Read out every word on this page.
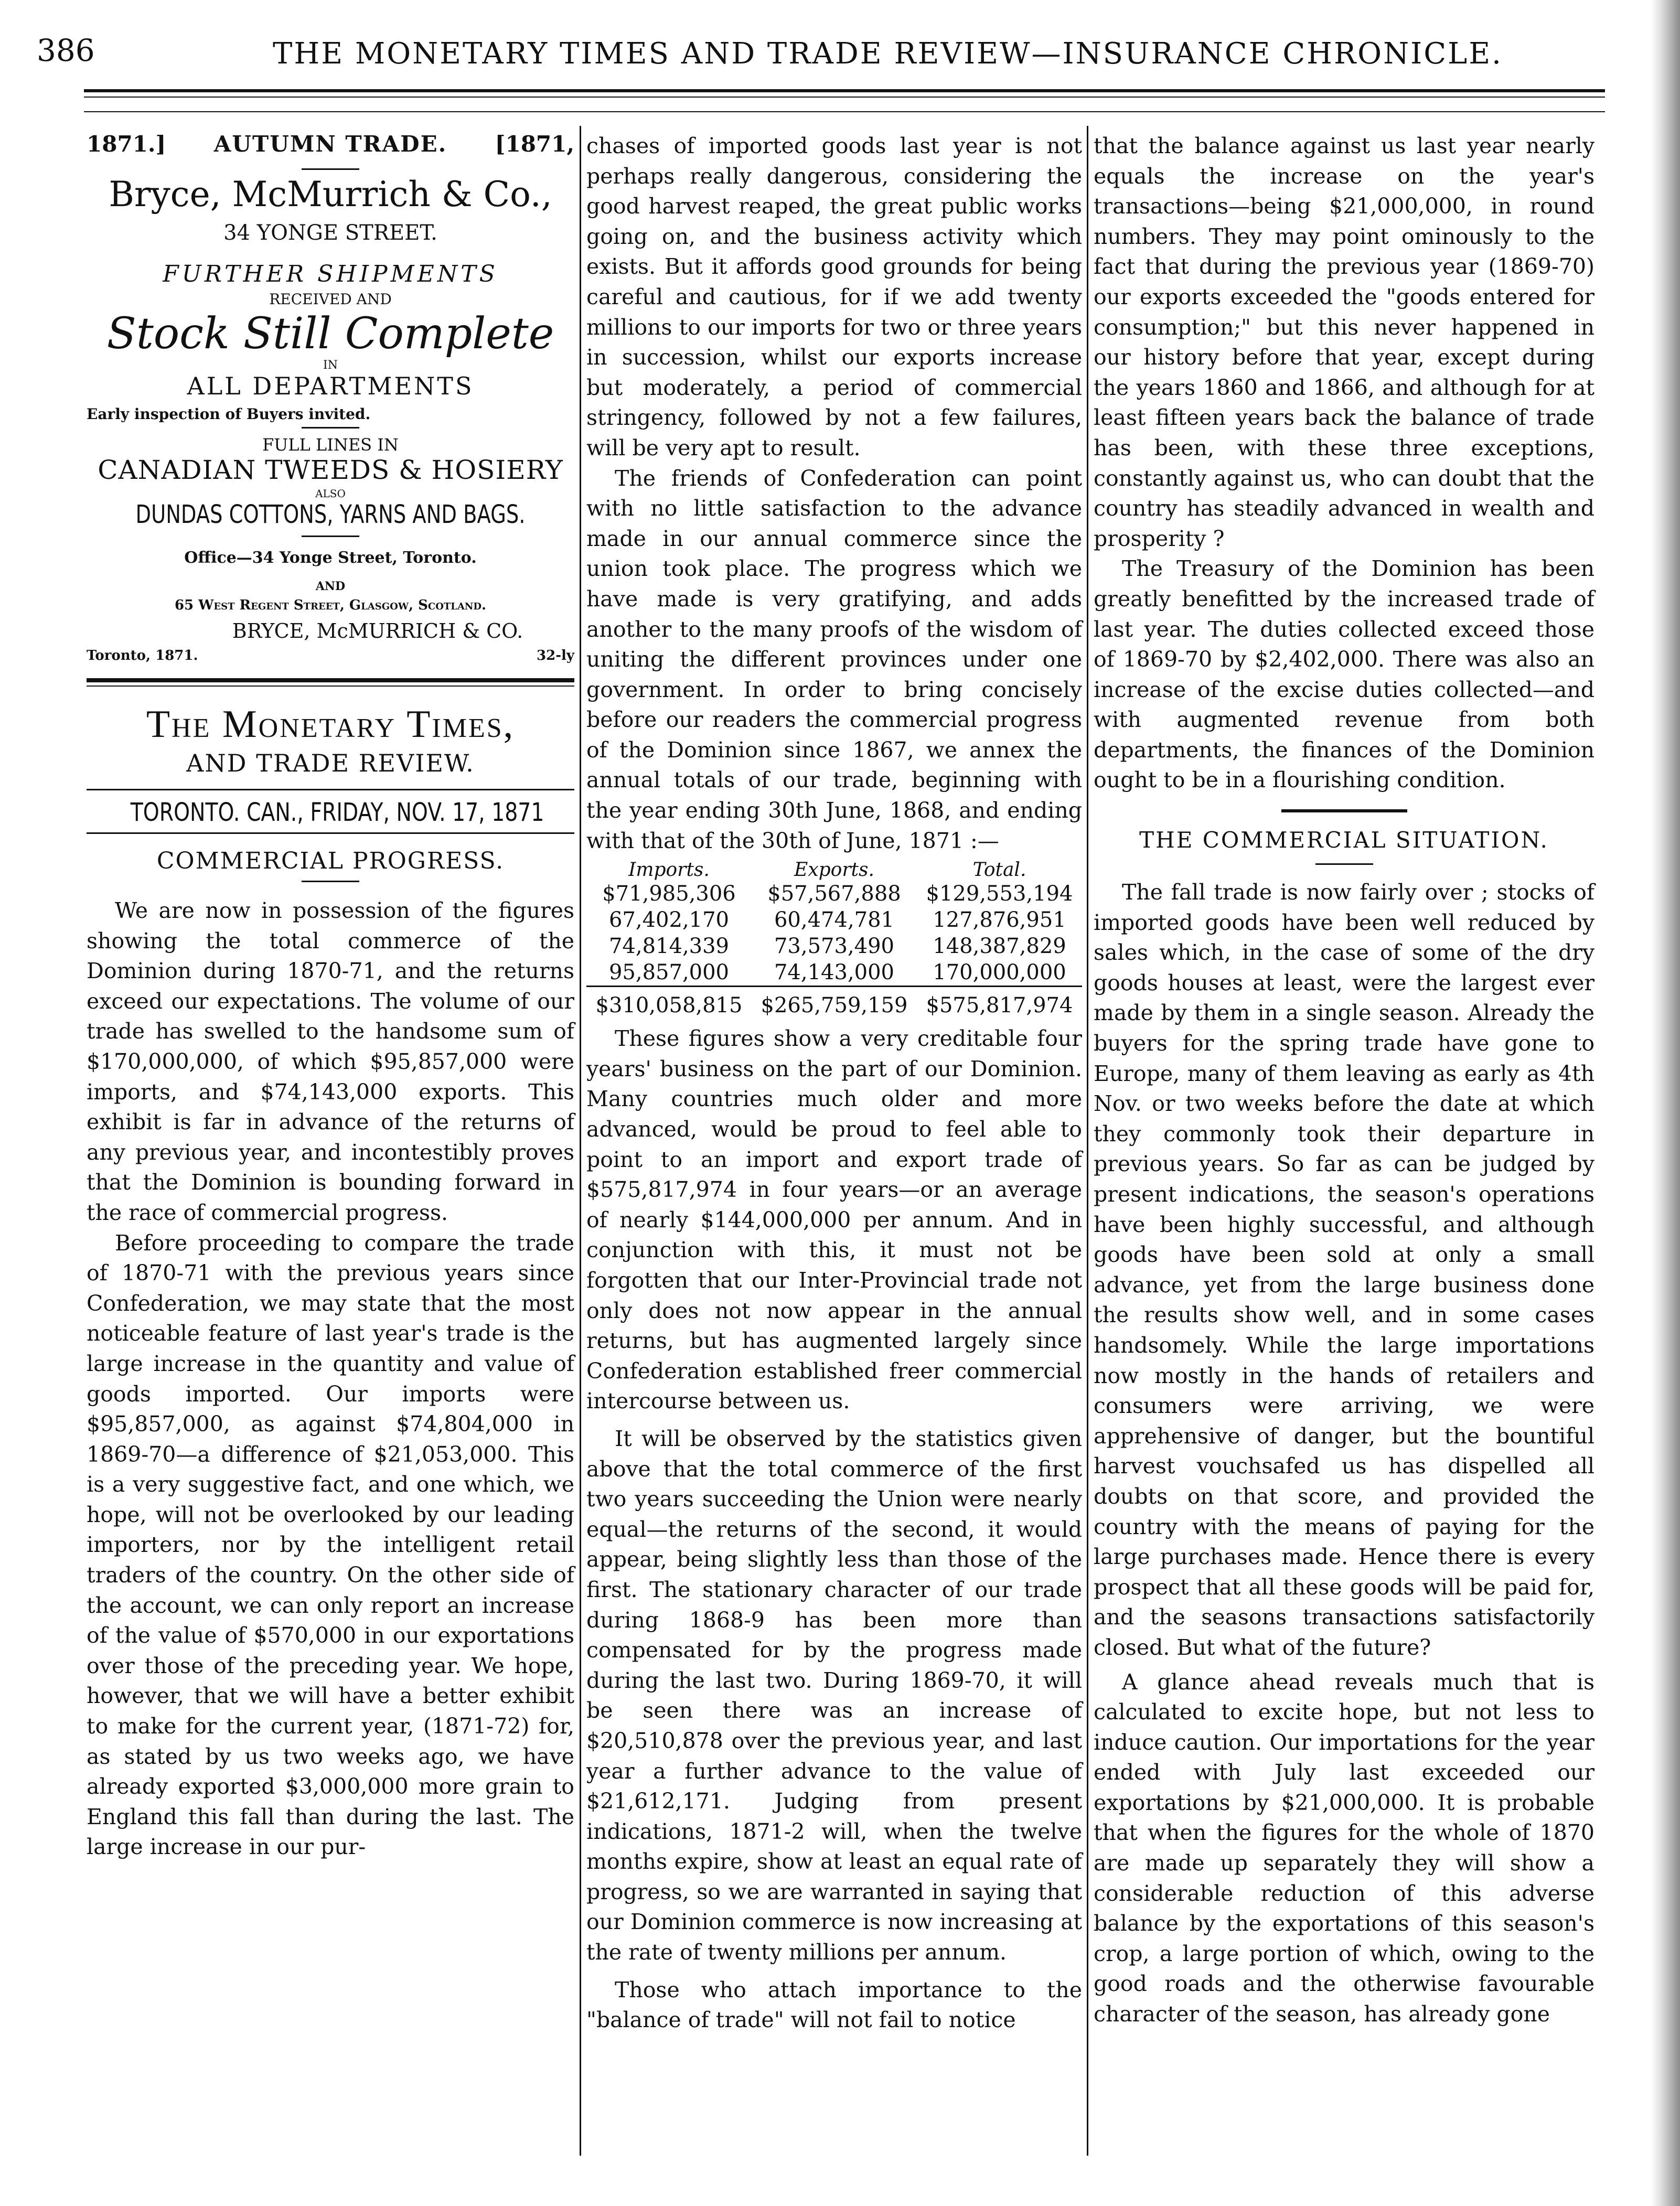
386	THE MONETARY TIMES AND TRADE REVIEW—INSURANCE CHRONICLE.
1871.] AUTUMN TRADE. [1871,
Bryce, McMurrich & Co.,
34 YONGE STREET.
FURTHER SHIPMENTS
RECEIVED AND
Stock Still Complete
IN
ALL DEPARTMENTS
Early inspection of Buyers invited.
FULL LINES IN
CANADIAN TWEEDS & HOSIERY
ALSO
DUNDAS COTTONS, YARNS AND BAGS.
Office—34 Yonge Street, Toronto.
AND
65 West Regent Street, Glasgow, Scotland.
BRYCE, McMURRICH & CO.
Toronto, 1871.	32-ly
The Monetary Times,
AND TRADE REVIEW.
TORONTO. CAN., FRIDAY, NOV. 17, 1871
COMMERCIAL PROGRESS.

We are now in possession of the figures showing the total commerce of the Dominion during 1870-71, and the returns exceed our expectations. The volume of our trade has swelled to the handsome sum of $170,000,000, of which $95,857,000 were imports, and $74,143,000 exports. This exhibit is far in advance of the returns of any previous year, and incontestibly proves that the Dominion is bounding forward in the race of commercial progress.

Before proceeding to compare the trade of 1870-71 with the previous years since Confederation, we may state that the most noticeable feature of last year's trade is the large increase in the quantity and value of goods imported. Our imports were $95,857,000, as against $74,804,000 in 1869-70—a difference of $21,053,000. This is a very suggestive fact, and one which, we hope, will not be overlooked by our leading importers, nor by the intelligent retail traders of the country. On the other side of the account, we can only report an increase of the value of $570,000 in our exportations over those of the preceding year. We hope, however, that we will have a better exhibit to make for the current year, (1871-72) for, as stated by us two weeks ago, we have already exported $3,000,000 more grain to England this fall than during the last. The large increase in our pur-

chases of imported goods last year is not perhaps really dangerous, considering the good harvest reaped, the great public works going on, and the business activity which exists. But it affords good grounds for being careful and cautious, for if we add twenty millions to our imports for two or three years in succession, whilst our exports increase but moderately, a period of commercial stringency, followed by not a few failures, will be very apt to result.

The friends of Confederation can point with no little satisfaction to the advance made in our annual commerce since the union took place. The progress which we have made is very gratifying, and adds another to the many proofs of the wisdom of uniting the different provinces under one government. In order to bring concisely before our readers the commercial progress of the Dominion since 1867, we annex the annual totals of our trade, beginning with the year ending 30th June, 1868, and ending with that of the 30th of June, 1871 :—

Imports.	Exports.	Total.
$71,985,306	$57,567,888	$129,553,194
67,402,170	60,474,781	127,876,951
74,814,339	73,573,490	148,387,829
95,857,000	74,143,000	170,000,000
$310,058,815	$265,759,159	$575,817,974

These figures show a very creditable four years' business on the part of our Dominion. Many countries much older and more advanced, would be proud to feel able to point to an import and export trade of $575,817,974 in four years—or an average of nearly $144,000,000 per annum. And in conjunction with this, it must not be forgotten that our Inter-Provincial trade not only does not now appear in the annual returns, but has augmented largely since Confederation established freer commercial intercourse between us.

It will be observed by the statistics given above that the total commerce of the first two years succeeding the Union were nearly equal—the returns of the second, it would appear, being slightly less than those of the first. The stationary character of our trade during 1868-9 has been more than compensated for by the progress made during the last two. During 1869-70, it will be seen there was an increase of $20,510,878 over the previous year, and last year a further advance to the value of $21,612,171. Judging from present indications, 1871-2 will, when the twelve months expire, show at least an equal rate of progress, so we are warranted in saying that our Dominion commerce is now increasing at the rate of twenty millions per annum.

Those who attach importance to the "balance of trade" will not fail to notice

that the balance against us last year nearly equals the increase on the year's transactions—being $21,000,000, in round numbers. They may point ominously to the fact that during the previous year (1869-70) our exports exceeded the "goods entered for consumption;" but this never happened in our history before that year, except during the years 1860 and 1866, and although for at least fifteen years back the balance of trade has been, with these three exceptions, constantly against us, who can doubt that the country has steadily advanced in wealth and prosperity ?

The Treasury of the Dominion has been greatly benefitted by the increased trade of last year. The duties collected exceed those of 1869-70 by $2,402,000. There was also an increase of the excise duties collected—and with augmented revenue from both departments, the finances of the Dominion ought to be in a flourishing condition.

THE COMMERCIAL SITUATION.

The fall trade is now fairly over ; stocks of imported goods have been well reduced by sales which, in the case of some of the dry goods houses at least, were the largest ever made by them in a single season. Already the buyers for the spring trade have gone to Europe, many of them leaving as early as 4th Nov. or two weeks before the date at which they commonly took their departure in previous years. So far as can be judged by present indications, the season's operations have been highly successful, and although goods have been sold at only a small advance, yet from the large business done the results show well, and in some cases handsomely. While the large importations now mostly in the hands of retailers and consumers were arriving, we were apprehensive of danger, but the bountiful harvest vouchsafed us has dispelled all doubts on that score, and provided the country with the means of paying for the large purchases made. Hence there is every prospect that all these goods will be paid for, and the seasons transactions satisfactorily closed. But what of the future?

A glance ahead reveals much that is calculated to excite hope, but not less to induce caution. Our importations for the year ended with July last exceeded our exportations by $21,000,000. It is probable that when the figures for the whole of 1870 are made up separately they will show a considerable reduction of this adverse balance by the exportations of this season's crop, a large portion of which, owing to the good roads and the otherwise favourable character of the season, has already gone
